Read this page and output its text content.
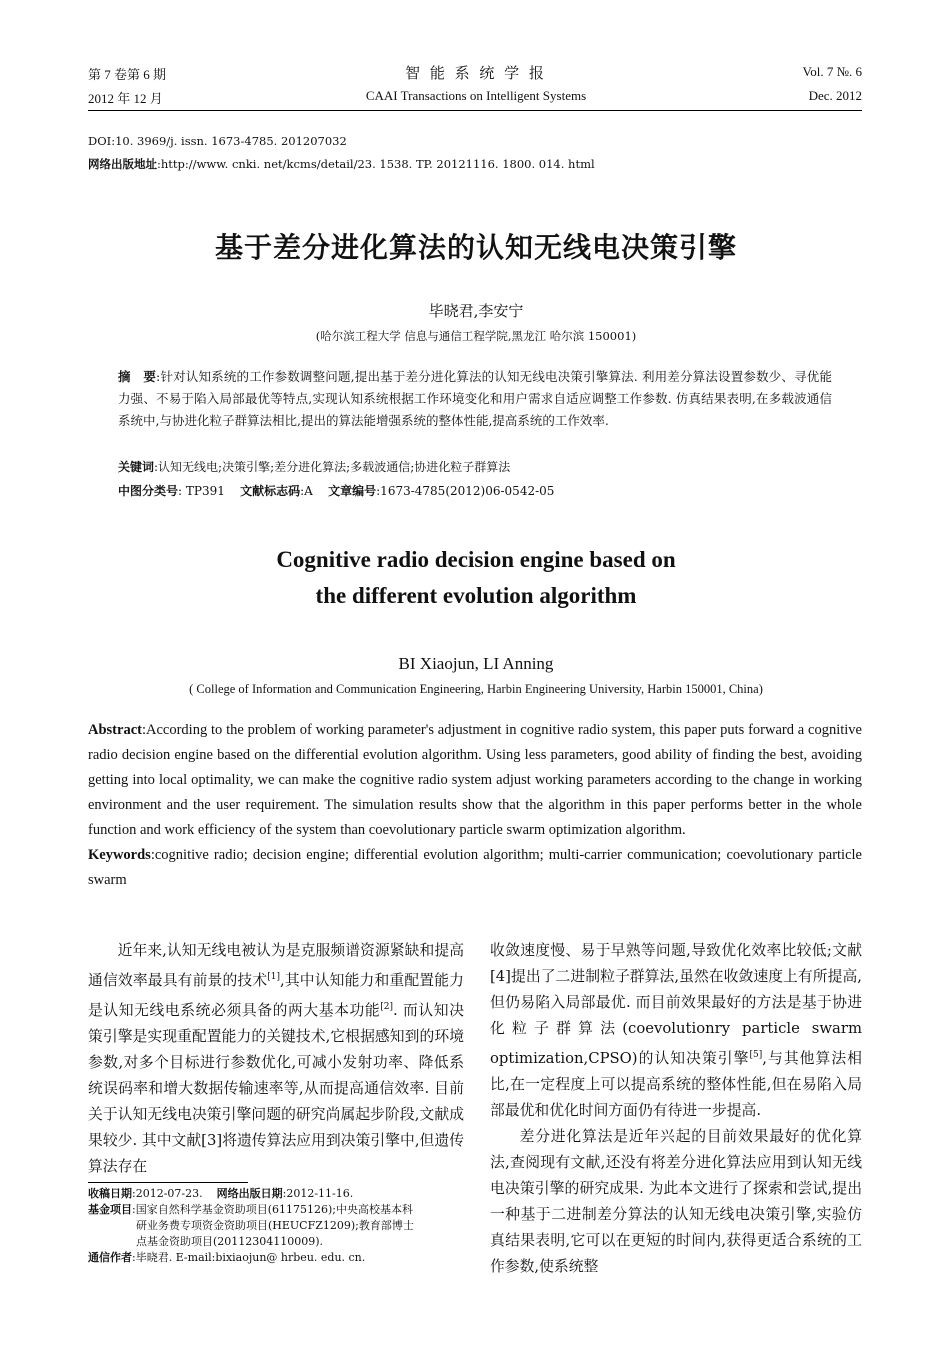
第 7 卷第 6 期
2012 年 12 月
智 能 系 统 学 报
CAAI Transactions on Intelligent Systems
Vol. 7 №. 6
Dec. 2012
DOI:10. 3969/j. issn. 1673-4785. 201207032
网络出版地址:http://www. cnki. net/kcms/detail/23. 1538. TP. 20121116. 1800. 014. html
基于差分进化算法的认知无线电决策引擎
毕晓君,李安宁
(哈尔滨工程大学 信息与通信工程学院,黑龙江 哈尔滨 150001)
摘　要:针对认知系统的工作参数调整问题,提出基于差分进化算法的认知无线电决策引擎算法. 利用差分算法设置参数少、寻优能力强、不易于陷入局部最优等特点,实现认知系统根据工作环境变化和用户需求自适应调整工作参数. 仿真结果表明,在多载波通信系统中,与协进化粒子群算法相比,提出的算法能增强系统的整体性能,提高系统的工作效率.
关键词:认知无线电;决策引擎;差分进化算法;多载波通信;协进化粒子群算法
中图分类号: TP391 文献标志码:A 文章编号:1673-4785(2012)06-0542-05
Cognitive radio decision engine based on
the different evolution algorithm
BI Xiaojun, LI Anning
( College of Information and Communication Engineering, Harbin Engineering University, Harbin 150001, China)
Abstract:According to the problem of working parameter's adjustment in cognitive radio system, this paper puts forward a cognitive radio decision engine based on the differential evolution algorithm. Using less parameters, good ability of finding the best, avoiding getting into local optimality, we can make the cognitive radio system adjust working parameters according to the change in working environment and the user requirement. The simulation results show that the algorithm in this paper performs better in the whole function and work efficiency of the system than coevolutionary particle swarm optimization algorithm.
Keywords:cognitive radio; decision engine; differential evolution algorithm; multi-carrier communication; coevolutionary particle swarm

近年来,认知无线电被认为是克服频谱资源紧缺和提高通信效率最具有前景的技术[1],其中认知能力和重配置能力是认知无线电系统必须具备的两大基本功能[2]. 而认知决策引擎是实现重配置能力的关键技术,它根据感知到的环境参数,对多个目标进行参数优化,可减小发射功率、降低系统误码率和增大数据传输速率等,从而提高通信效率. 目前关于认知无线电决策引擎问题的研究尚属起步阶段,文献成果较少. 其中文献[3]将遗传算法应用到决策引擎中,但遗传算法存在

收敛速度慢、易于早熟等问题,导致优化效率比较低;文献[4]提出了二进制粒子群算法,虽然在收敛速度上有所提高,但仍易陷入局部最优. 而目前效果最好的方法是基于协进化粒子群算法(coevolutionry particle swarm optimization,CPSO)的认知决策引擎[5],与其他算法相比,在一定程度上可以提高系统的整体性能,但在易陷入局部最优和优化时间方面仍有待进一步提高.

差分进化算法是近年兴起的目前效果最好的优化算法,查阅现有文献,还没有将差分进化算法应用到认知无线电决策引擎的研究成果. 为此本文进行了探索和尝试,提出一种基于二进制差分算法的认知无线电决策引擎,实验仿真结果表明,它可以在更短的时间内,获得更适合系统的工作参数,使系统整

收稿日期:2012-07-23. 网络出版日期:2012-11-16.
基金项目:国家自然科学基金资助项目(61175126);中央高校基本科
研业务费专项资金资助项目(HEUCFZ1209);教育部博士
点基金资助项目(20112304110009).
通信作者:毕晓君. E-mail:bixiaojun@ hrbeu. edu. cn.
